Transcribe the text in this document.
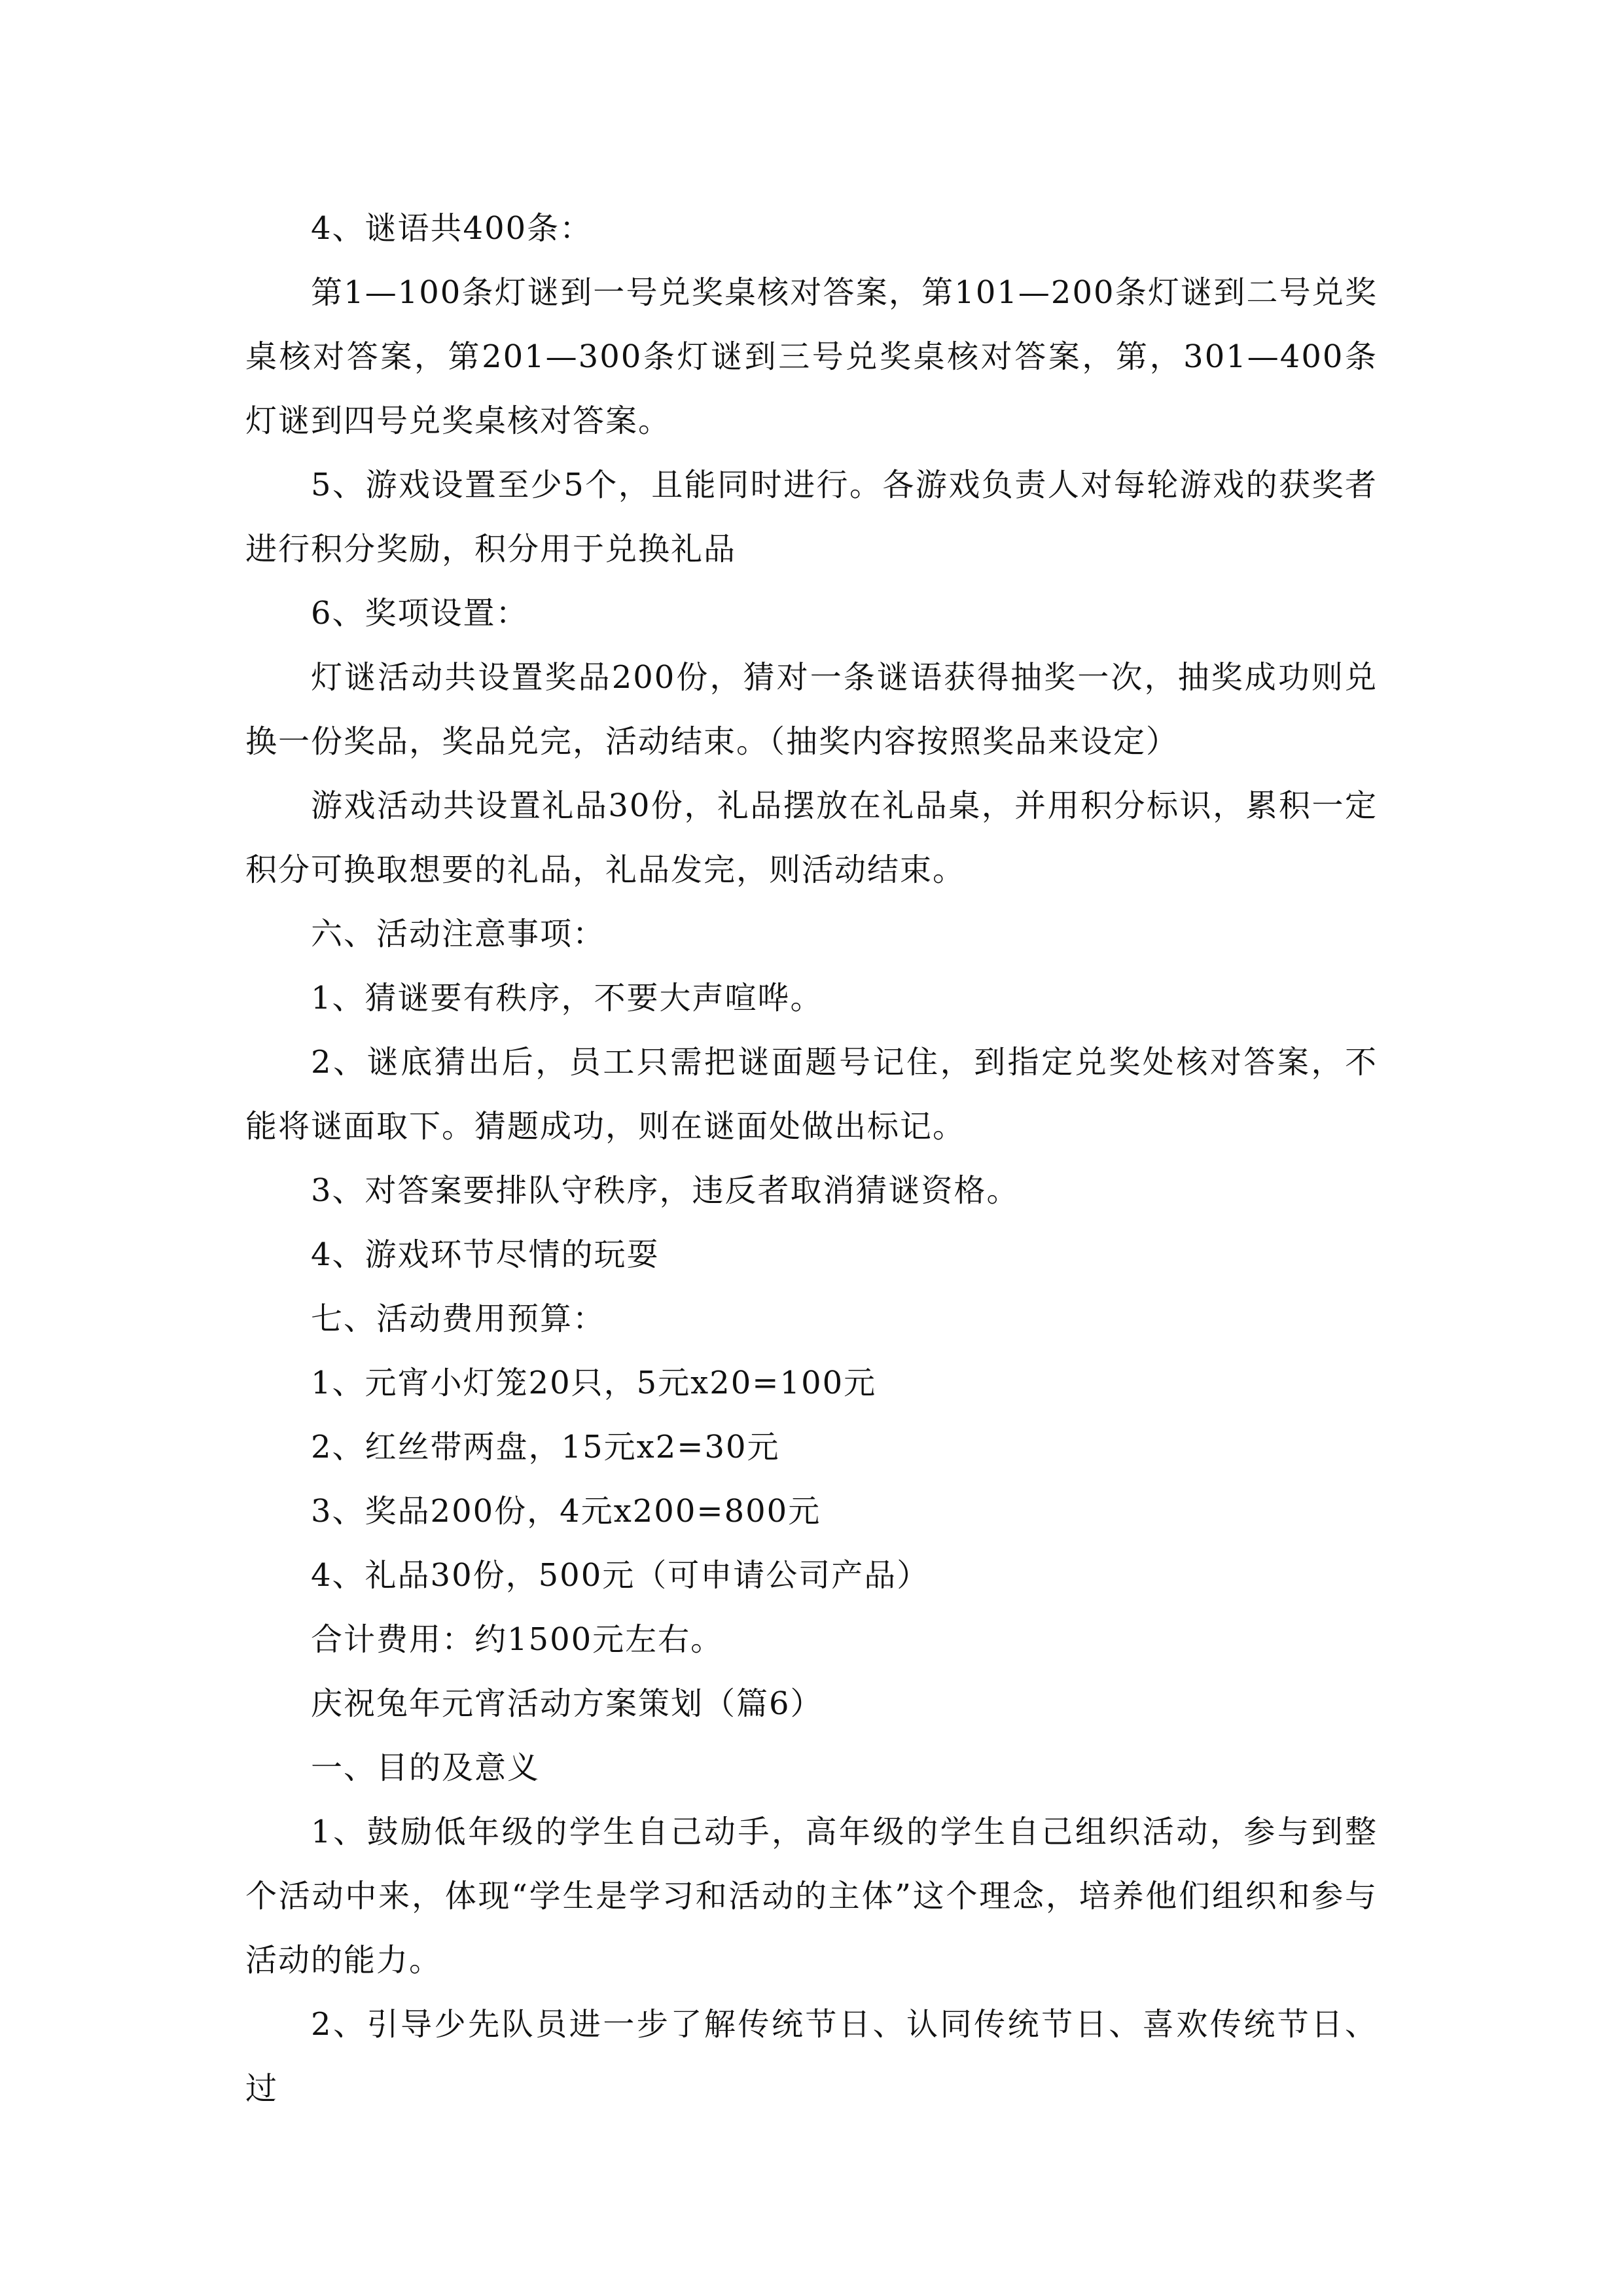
4、谜语共400条：

第1—100条灯谜到一号兑奖桌核对答案，第101—200条灯谜到二号兑奖桌核对答案，第201—300条灯谜到三号兑奖桌核对答案，第，301—400条灯谜到四号兑奖桌核对答案。

5、游戏设置至少5个，且能同时进行。各游戏负责人对每轮游戏的获奖者进行积分奖励，积分用于兑换礼品

6、奖项设置：

灯谜活动共设置奖品200份，猜对一条谜语获得抽奖一次，抽奖成功则兑换一份奖品，奖品兑完，活动结束。（抽奖内容按照奖品来设定）

游戏活动共设置礼品30份，礼品摆放在礼品桌，并用积分标识，累积一定积分可换取想要的礼品，礼品发完，则活动结束。

六、活动注意事项：

1、猜谜要有秩序，不要大声喧哗。

2、谜底猜出后，员工只需把谜面题号记住，到指定兑奖处核对答案，不能将谜面取下。猜题成功，则在谜面处做出标记。

3、对答案要排队守秩序，违反者取消猜谜资格。

4、游戏环节尽情的玩耍

七、活动费用预算：

1、元宵小灯笼20只，5元x20=100元

2、红丝带两盘，15元x2=30元

3、奖品200份，4元x200=800元

4、礼品30份，500元（可申请公司产品）

合计费用：约1500元左右。

庆祝兔年元宵活动方案策划（篇6）

一、目的及意义

1、鼓励低年级的学生自己动手，高年级的学生自己组织活动，参与到整个活动中来，体现“学生是学习和活动的主体”这个理念，培养他们组织和参与活动的能力。

2、引导少先队员进一步了解传统节日、认同传统节日、喜欢传统节日、过
